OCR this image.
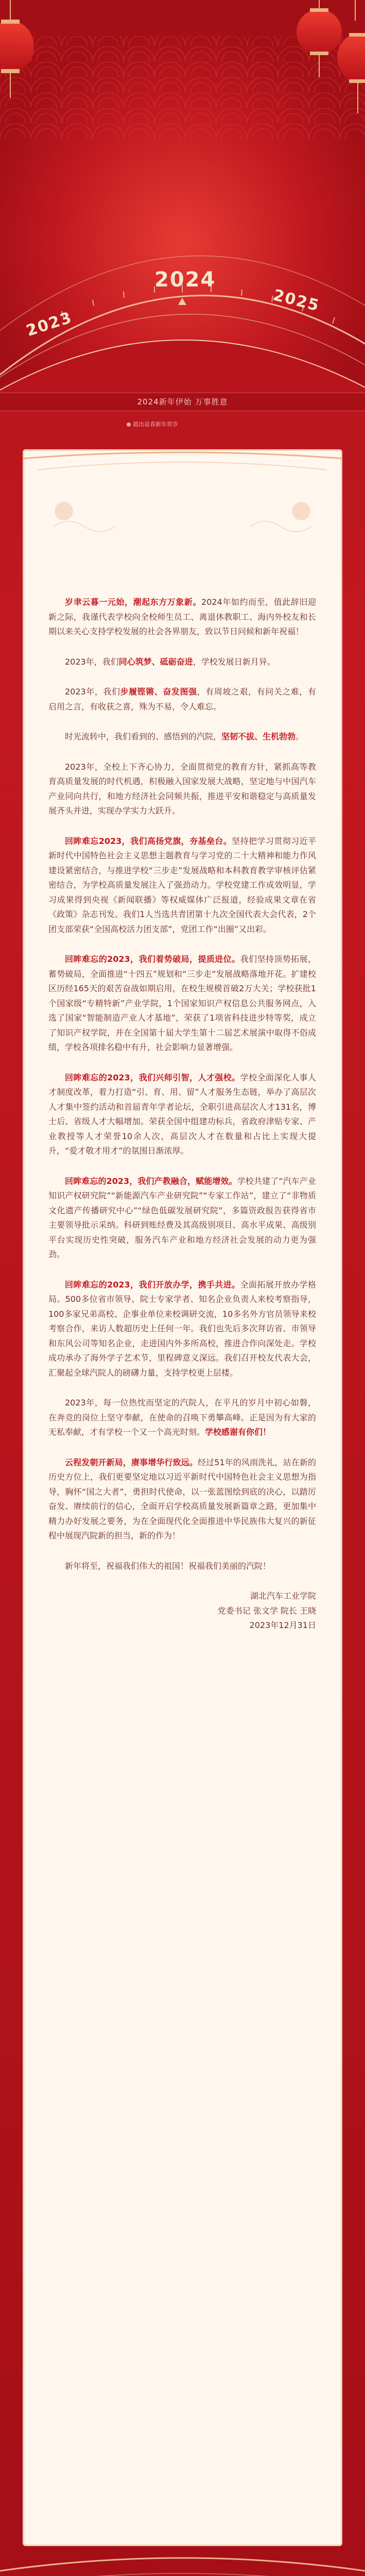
2023
2024
2025
2024新年伊始 万事胜意
超出是春新年贺岁

岁聿云暮一元始，潮起东方万象新。2024年如约而至，值此辞旧迎新之际，我谨代表学校向全校师生员工、离退休教职工、海内外校友和长期以来关心支持学校发展的社会各界朋友，致以节日问候和新年祝福！

2023年，我们同心筑梦、砥砺奋进，学校发展日新月异。

2023年，我们步履铿锵、奋发图强，有周坡之艰，有问关之难，有启用之言，有收获之喜，殊为不易，令人难忘。

时光流转中，我们看到的、感悟到的汽院，坚韧不拔、生机勃勃。

2023年，全校上下齐心协力，全面贯彻党的教育方针，紧抓高等教育高质量发展的时代机遇，积极融入国家发展大战略，坚定地与中国汽车产业同向共行，和地方经济社会同频共振，推进平安和谐稳定与高质量发展齐头并进，实现办学实力大跃升。

回眸难忘2023，我们高扬党旗，夯基垒台。坚持把学习贯彻习近平新时代中国特色社会主义思想主题教育与学习党的二十大精神和能力作风建设紧密结合，与推进学校“三步走”发展战略和本科教育教学审核评估紧密结合，为学校高质量发展注入了强劲动力。学校党建工作成效明显，学习成果得到央视《新闻联播》等权威媒体广泛报道，经验成果文章在省《政策》杂志刊发。我们1人当选共青团第十九次全国代表大会代表，2个团支部荣获“全国高校活力团支部”，党团工作“出圈”又出彩。

回眸难忘的2023，我们着势破局，提质进位。我们坚持顶势拓展，蓄势破局，全面推进“十四五”规划和“三步走”发展战略落地开花。扩建校区历经165天的艰苦奋战如期启用，在校生规模首破2万大关；学校获批1个国家级“专精特新”产业学院，1个国家知识产权信息公共服务网点，入选了国家“智能制造产业人才基地”，荣获了1项省科技进步特等奖，成立了知识产权学院，并在全国第十届大学生第十二届艺术展演中取得不俗成绩，学校各项排名稳中有升，社会影响力显著增强。

回眸难忘的2023，我们兴师引智，人才强校。学校全面深化人事人才制度改革，着力打造“引、育、用、留”人才服务生态链，举办了高层次人才集中签约活动和首届青年学者论坛，全职引进高层次人才131名，博士后、省级人才大幅增加。荣获全国中组建功标兵，省政府津贴专家、产业教授等人才荣誉10余人次，高层次人才在数量和占比上实现大提升，“爱才敬才用才”的氛围日渐浓厚。

回眸难忘的2023，我们产教融合，赋能增效。学校共建了“汽车产业知识产权研究院”“新能源汽车产业研究院”“专家工作站”，建立了“非物质文化遗产传播研究中心”“绿色低碳发展研究院”，多篇资政报告获得省市主要领导批示采纳。科研到账经费及其高级别项目、高水平成果、高级别平台实现历史性突破，服务汽车产业和地方经济社会发展的动力更为强劲。

回眸难忘的2023，我们开放办学，携手共进。全面拓展开放办学格局。500多位省市领导、院士专家学者、知名企业负责人来校考察指导，100多家兄弟高校、企事业单位来校调研交流，10多名外方官员领导来校考察合作，来访人数超历史上任何一年。我们也先后多次拜访省、市领导和东风公司等知名企业，走进国内外多所高校，推进合作向深处走。学校成功承办了海外学子艺术节，里程碑意义深远。我们召开校友代表大会，汇聚起全球汽院人的磅礴力量，支持学校更上层楼。

2023年，每一位热忱而坚定的汽院人，在平凡的岁月中初心如磐，在奔竞的岗位上坚守奉献，在使命的召唤下勇攀高峰。正是因为有大家的无私奉献，才有学校一个又一个高光时刻。学校感谢有你们！

云程发朝开新局，赓事增华行致远。经过51年的风雨洗礼，站在新的历史方位上，我们更要坚定地以习近平新时代中国特色社会主义思想为指导，胸怀“国之大者”，勇担时代使命，以一张蓝图绘到底的决心，以踏厉奋发、赓续前行的信心，全面开启学校高质量发展新篇章之路，更加集中精力办好发展之要务，为在全面现代化全面推进中华民族伟大复兴的新征程中展现汽院新的担当，新的作为！

新年将至，祝福我们伟大的祖国！祝福我们美丽的汽院！

湖北汽车工业学院

党委书记 张文学 院长 王晓

2023年12月31日
